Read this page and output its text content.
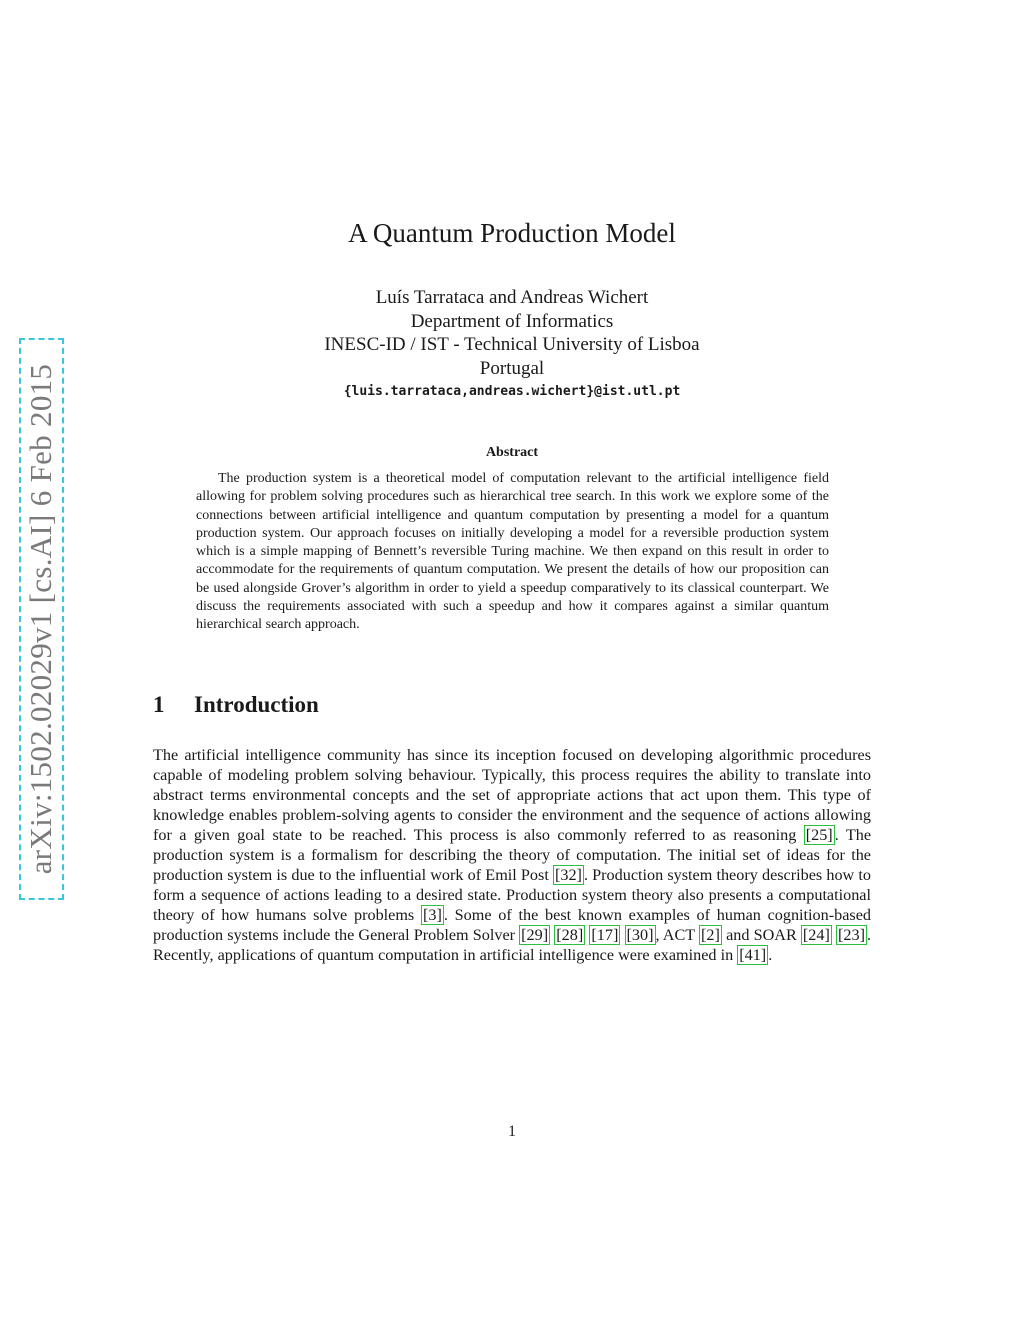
arXiv:1502.02029v1 [cs.AI] 6 Feb 2015
A Quantum Production Model
Luís Tarrataca and Andreas Wichert
Department of Informatics
INESC-ID / IST - Technical University of Lisboa
Portugal
{luis.tarrataca,andreas.wichert}@ist.utl.pt
Abstract
The production system is a theoretical model of computation relevant to the artificial intelligence field allowing for problem solving procedures such as hierarchical tree search. In this work we explore some of the connections between artificial intelligence and quantum computation by presenting a model for a quantum production system. Our approach focuses on initially developing a model for a reversible production system which is a simple mapping of Bennett’s reversible Turing machine. We then expand on this result in order to accommodate for the requirements of quantum computation. We present the details of how our proposition can be used alongside Grover’s algorithm in order to yield a speedup comparatively to its classical counterpart. We discuss the requirements associated with such a speedup and how it compares against a similar quantum hierarchical search approach.
1 Introduction
The artificial intelligence community has since its inception focused on developing algorithmic procedures capable of modeling problem solving behaviour. Typically, this process requires the ability to translate into abstract terms environmental concepts and the set of appropriate actions that act upon them. This type of knowledge enables problem-solving agents to consider the environment and the sequence of actions allowing for a given goal state to be reached. This process is also commonly referred to as reasoning [25] . The production system is a formalism for describing the theory of computation. The initial set of ideas for the production system is due to the influential work of Emil Post [32] . Production system theory describes how to form a sequence of actions leading to a desired state. Production system theory also presents a computational theory of how humans solve problems [3] . Some of the best known examples of human cognition-based production systems include the General Problem Solver [29] [28] [17] [30] , ACT [2] and SOAR [24] [23] . Recently, applications of quantum computation in artificial intelligence were examined in [41] .
1
